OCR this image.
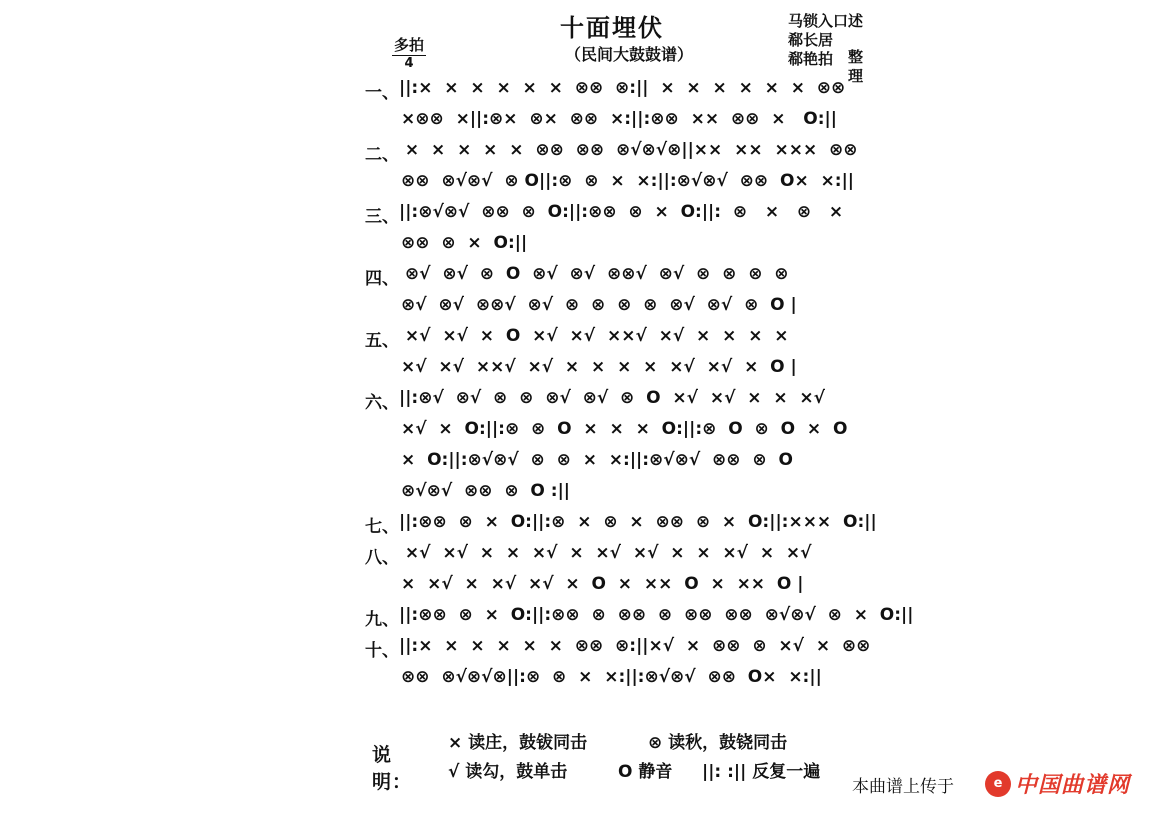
十面埋伏
（民间大鼓鼓谱）
马锁入口述
郗长居
郗艳拍 整理
多拍
4
一、 ||:×  ×  ×  ×  ×  ×  ⊗⊗  ⊗:||  ×  ×  ×  ×  ×  ×  ⊗⊗
×⊗⊗  ×||:⊗×  ⊗×  ⊗⊗  ×:||:⊗⊗  ××  ⊗⊗  ×   O:||
二、 ×  ×  ×  ×  ×  ⊗⊗  ⊗⊗  ⊗√⊗√⊗||××  ××  ×××  ⊗⊗
⊗⊗  ⊗√⊗√  ⊗ O||:⊗  ⊗  ×  ×:||:⊗√⊗√  ⊗⊗  O×  ×:||
三、 ||:⊗√⊗√  ⊗⊗  ⊗  O:||:⊗⊗  ⊗  ×  O:||:  ⊗   ×   ⊗   ×
⊗⊗  ⊗  ×  O:||
四、 ⊗√  ⊗√  ⊗  O  ⊗√  ⊗√  ⊗⊗√  ⊗√  ⊗  ⊗  ⊗  ⊗
⊗√  ⊗√  ⊗⊗√  ⊗√  ⊗  ⊗  ⊗  ⊗  ⊗√  ⊗√  ⊗  O |
五、 ×√  ×√  ×  O  ×√  ×√  ××√  ×√  ×  ×  ×  ×
×√  ×√  ××√  ×√  ×  ×  ×  ×  ×√  ×√  ×  O |
六、 ||:⊗√  ⊗√  ⊗  ⊗  ⊗√  ⊗√  ⊗  O  ×√  ×√  ×  ×  ×√
×√  ×  O:||:⊗  ⊗  O  ×  ×  ×  O:||:⊗  O  ⊗  O  ×  O
×  O:||:⊗√⊗√  ⊗  ⊗  ×  ×:||:⊗√⊗√  ⊗⊗  ⊗  O
⊗√⊗√  ⊗⊗  ⊗  O :||
七、 ||:⊗⊗  ⊗  ×  O:||:⊗  ×  ⊗  ×  ⊗⊗  ⊗  ×  O:||:×××  O:||
八、 ×√  ×√  ×  ×  ×√  ×  ×√  ×√  ×  ×  ×√  ×  ×√
×  ×√  ×  ×√  ×√  ×  O  ×  ××  O  ×  ××  O |
九、 ||:⊗⊗  ⊗  ×  O:||:⊗⊗  ⊗  ⊗⊗  ⊗  ⊗⊗  ⊗⊗  ⊗√⊗√  ⊗  ×  O:||
十、 ||:×  ×  ×  ×  ×  ×  ⊗⊗  ⊗:||×√  ×  ⊗⊗  ⊗  ×√  ×  ⊗⊗
⊗⊗  ⊗√⊗√⊗||:⊗  ⊗  ×  ×:||:⊗√⊗√  ⊗⊗  O×  ×:||
说明：
× 读庄，鼓钹同击	⊗ 读秋，鼓铙同击
√ 读勾，鼓单击	O 静音 ||: :|| 反复一遍
本曲谱上传于	e 中国曲谱网
